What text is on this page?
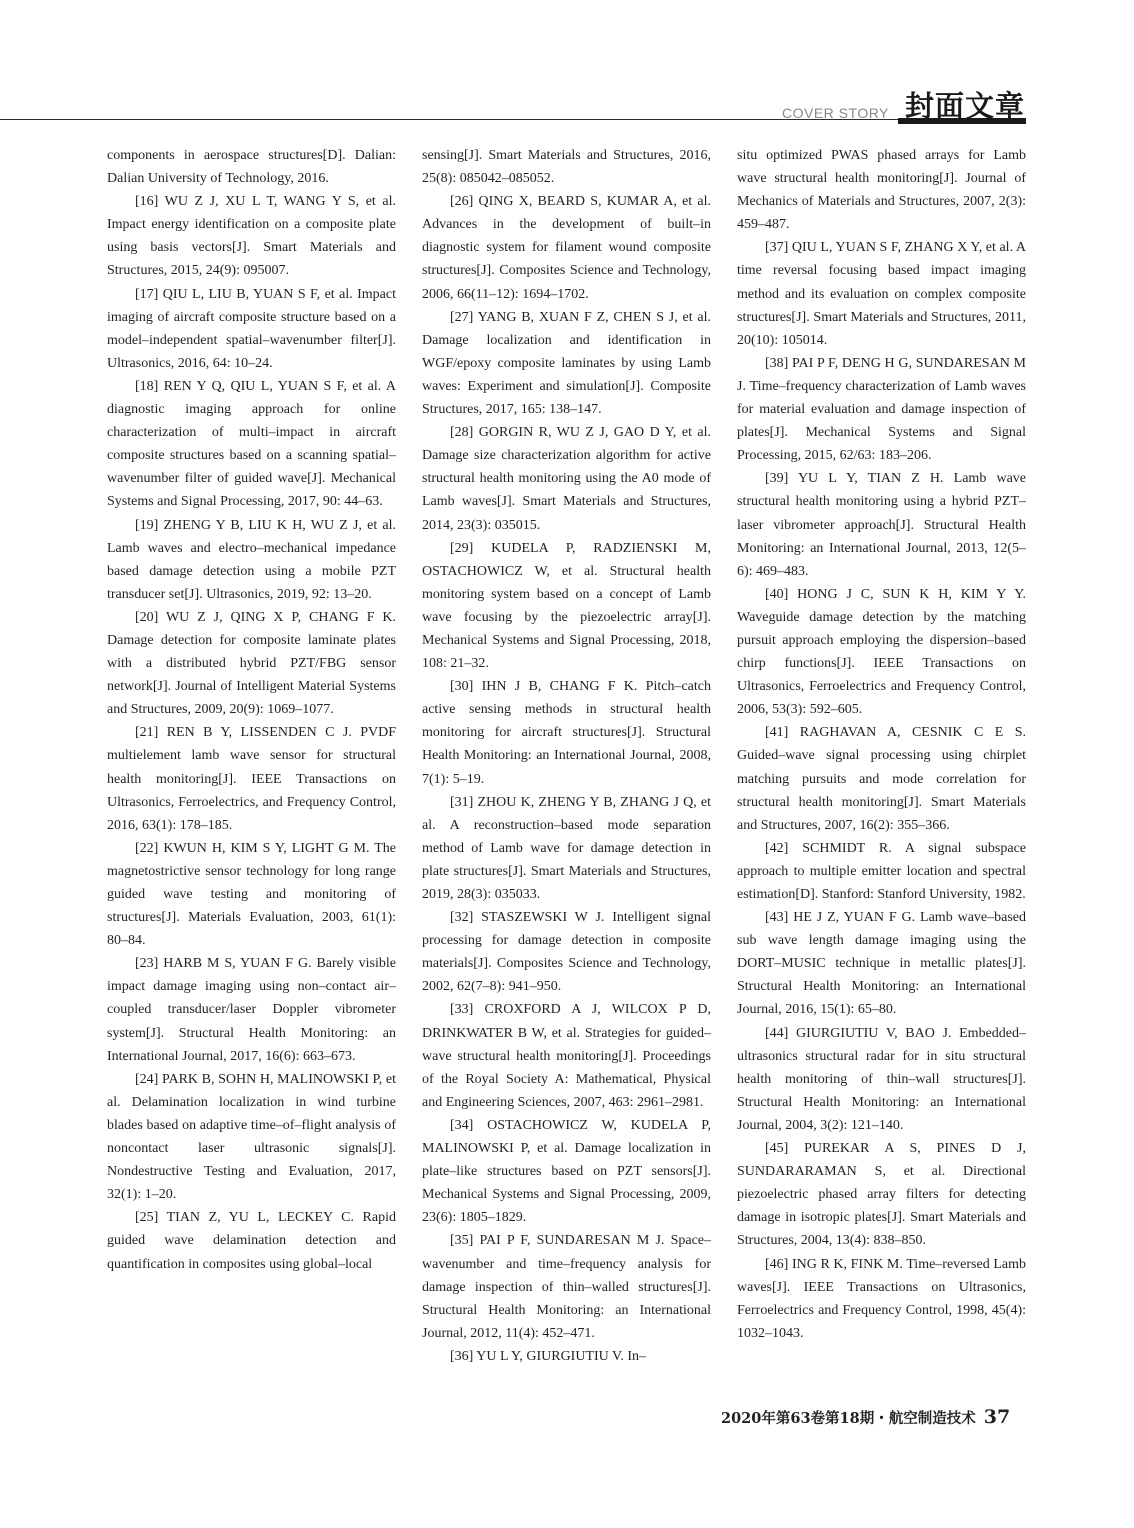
COVER STORY 封面文章

components in aerospace structures[D]. Dalian: Dalian University of Technology, 2016.

[16] WU Z J, XU L T, WANG Y S, et al. Impact energy identification on a composite plate using basis vectors[J]. Smart Materials and Structures, 2015, 24(9): 095007.

[17] QIU L, LIU B, YUAN S F, et al. Impact imaging of aircraft composite structure based on a model–independent spatial–wavenumber filter[J]. Ultrasonics, 2016, 64: 10–24.

[18] REN Y Q, QIU L, YUAN S F, et al. A diagnostic imaging approach for online characterization of multi–impact in aircraft composite structures based on a scanning spatial–wavenumber filter of guided wave[J]. Mechanical Systems and Signal Processing, 2017, 90: 44–63.

[19] ZHENG Y B, LIU K H, WU Z J, et al. Lamb waves and electro–mechanical impedance based damage detection using a mobile PZT transducer set[J]. Ultrasonics, 2019, 92: 13–20.

[20] WU Z J, QING X P, CHANG F K. Damage detection for composite laminate plates with a distributed hybrid PZT/FBG sensor network[J]. Journal of Intelligent Material Systems and Structures, 2009, 20(9): 1069–1077.

[21] REN B Y, LISSENDEN C J. PVDF multielement lamb wave sensor for structural health monitoring[J]. IEEE Transactions on Ultrasonics, Ferroelectrics, and Frequency Control, 2016, 63(1): 178–185.

[22] KWUN H, KIM S Y, LIGHT G M. The magnetostrictive sensor technology for long range guided wave testing and monitoring of structures[J]. Materials Evaluation, 2003, 61(1): 80–84.

[23] HARB M S, YUAN F G. Barely visible impact damage imaging using non–contact air–coupled transducer/laser Doppler vibrometer system[J]. Structural Health Monitoring: an International Journal, 2017, 16(6): 663–673.

[24] PARK B, SOHN H, MALINOWSKI P, et al. Delamination localization in wind turbine blades based on adaptive time–of–flight analysis of noncontact laser ultrasonic signals[J]. Nondestructive Testing and Evaluation, 2017, 32(1): 1–20.

[25] TIAN Z, YU L, LECKEY C. Rapid guided wave delamination detection and quantification in composites using global–local

sensing[J]. Smart Materials and Structures, 2016, 25(8): 085042–085052.

[26] QING X, BEARD S, KUMAR A, et al. Advances in the development of built–in diagnostic system for filament wound composite structures[J]. Composites Science and Technology, 2006, 66(11–12): 1694–1702.

[27] YANG B, XUAN F Z, CHEN S J, et al. Damage localization and identification in WGF/epoxy composite laminates by using Lamb waves: Experiment and simulation[J]. Composite Structures, 2017, 165: 138–147.

[28] GORGIN R, WU Z J, GAO D Y, et al. Damage size characterization algorithm for active structural health monitoring using the A0 mode of Lamb waves[J]. Smart Materials and Structures, 2014, 23(3): 035015.

[29] KUDELA P, RADZIENSKI M, OSTACHOWICZ W, et al. Structural health monitoring system based on a concept of Lamb wave focusing by the piezoelectric array[J]. Mechanical Systems and Signal Processing, 2018, 108: 21–32.

[30] IHN J B, CHANG F K. Pitch–catch active sensing methods in structural health monitoring for aircraft structures[J]. Structural Health Monitoring: an International Journal, 2008, 7(1): 5–19.

[31] ZHOU K, ZHENG Y B, ZHANG J Q, et al. A reconstruction–based mode separation method of Lamb wave for damage detection in plate structures[J]. Smart Materials and Structures, 2019, 28(3): 035033.

[32] STASZEWSKI W J. Intelligent signal processing for damage detection in composite materials[J]. Composites Science and Technology, 2002, 62(7–8): 941–950.

[33] CROXFORD A J, WILCOX P D, DRINKWATER B W, et al. Strategies for guided–wave structural health monitoring[J]. Proceedings of the Royal Society A: Mathematical, Physical and Engineering Sciences, 2007, 463: 2961–2981.

[34] OSTACHOWICZ W, KUDELA P, MALINOWSKI P, et al. Damage localization in plate–like structures based on PZT sensors[J]. Mechanical Systems and Signal Processing, 2009, 23(6): 1805–1829.

[35] PAI P F, SUNDARESAN M J. Space–wavenumber and time–frequency analysis for damage inspection of thin–walled structures[J]. Structural Health Monitoring: an International Journal, 2012, 11(4): 452–471.

[36] YU L Y, GIURGIUTIU V. In–

situ optimized PWAS phased arrays for Lamb wave structural health monitoring[J]. Journal of Mechanics of Materials and Structures, 2007, 2(3): 459–487.

[37] QIU L, YUAN S F, ZHANG X Y, et al. A time reversal focusing based impact imaging method and its evaluation on complex composite structures[J]. Smart Materials and Structures, 2011, 20(10): 105014.

[38] PAI P F, DENG H G, SUNDARESAN M J. Time–frequency characterization of Lamb waves for material evaluation and damage inspection of plates[J]. Mechanical Systems and Signal Processing, 2015, 62/63: 183–206.

[39] YU L Y, TIAN Z H. Lamb wave structural health monitoring using a hybrid PZT–laser vibrometer approach[J]. Structural Health Monitoring: an International Journal, 2013, 12(5–6): 469–483.

[40] HONG J C, SUN K H, KIM Y Y. Waveguide damage detection by the matching pursuit approach employing the dispersion–based chirp functions[J]. IEEE Transactions on Ultrasonics, Ferroelectrics and Frequency Control, 2006, 53(3): 592–605.

[41] RAGHAVAN A, CESNIK C E S. Guided–wave signal processing using chirplet matching pursuits and mode correlation for structural health monitoring[J]. Smart Materials and Structures, 2007, 16(2): 355–366.

[42] SCHMIDT R. A signal subspace approach to multiple emitter location and spectral estimation[D]. Stanford: Stanford University, 1982.

[43] HE J Z, YUAN F G. Lamb wave–based sub wave length damage imaging using the DORT–MUSIC technique in metallic plates[J]. Structural Health Monitoring: an International Journal, 2016, 15(1): 65–80.

[44] GIURGIUTIU V, BAO J. Embedded–ultrasonics structural radar for in situ structural health monitoring of thin–wall structures[J]. Structural Health Monitoring: an International Journal, 2004, 3(2): 121–140.

[45] PUREKAR A S, PINES D J, SUNDARARAMAN S, et al. Directional piezoelectric phased array filters for detecting damage in isotropic plates[J]. Smart Materials and Structures, 2004, 13(4): 838–850.

[46] ING R K, FINK M. Time–reversed Lamb waves[J]. IEEE Transactions on Ultrasonics, Ferroelectrics and Frequency Control, 1998, 45(4): 1032–1043.

2020年第63卷第18期・航空制造技术 37
